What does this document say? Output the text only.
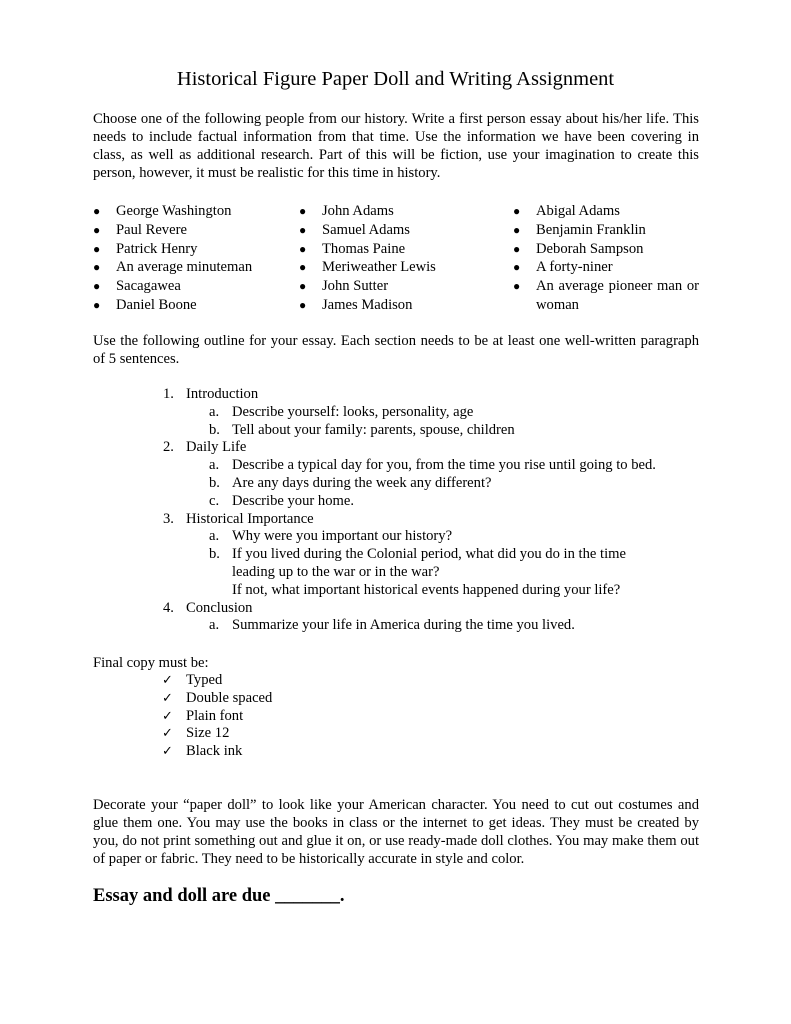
Historical Figure Paper Doll and Writing Assignment
Choose one of the following people from our history. Write a first person essay about his/her life. This needs to include factual information from that time. Use the information we have been covering in class, as well as additional research. Part of this will be fiction, use your imagination to create this person, however, it must be realistic for this time in history.
● George Washington
● Paul Revere
● Patrick Henry
● An average minuteman
● Sacagawea
● Daniel Boone
● John Adams
● Samuel Adams
● Thomas Paine
● Meriweather Lewis
● John Sutter
● James Madison
● Abigal Adams
● Benjamin Franklin
● Deborah Sampson
● A forty-niner
● An average pioneer man or woman
Use the following outline for your essay. Each section needs to be at least one well-written paragraph of 5 sentences.
1. Introduction
a. Describe yourself: looks, personality, age
b. Tell about your family: parents, spouse, children
2. Daily Life
a. Describe a typical day for you, from the time you rise until going to bed.
b. Are any days during the week any different?
c. Describe your home.
3. Historical Importance
a. Why were you important our history?
b. If you lived during the Colonial period, what did you do in the time leading up to the war or in the war?
If not, what important historical events happened during your life?
4. Conclusion
a. Summarize your life in America during the time you lived.
Final copy must be:
✓ Typed
✓ Double spaced
✓ Plain font
✓ Size 12
✓ Black ink
Decorate your “paper doll” to look like your American character. You need to cut out costumes and glue them one. You may use the books in class or the internet to get ideas. They must be created by you, do not print something out and glue it on, or use ready-made doll clothes. You may make them out of paper or fabric. They need to be historically accurate in style and color.
Essay and doll are due _______.
